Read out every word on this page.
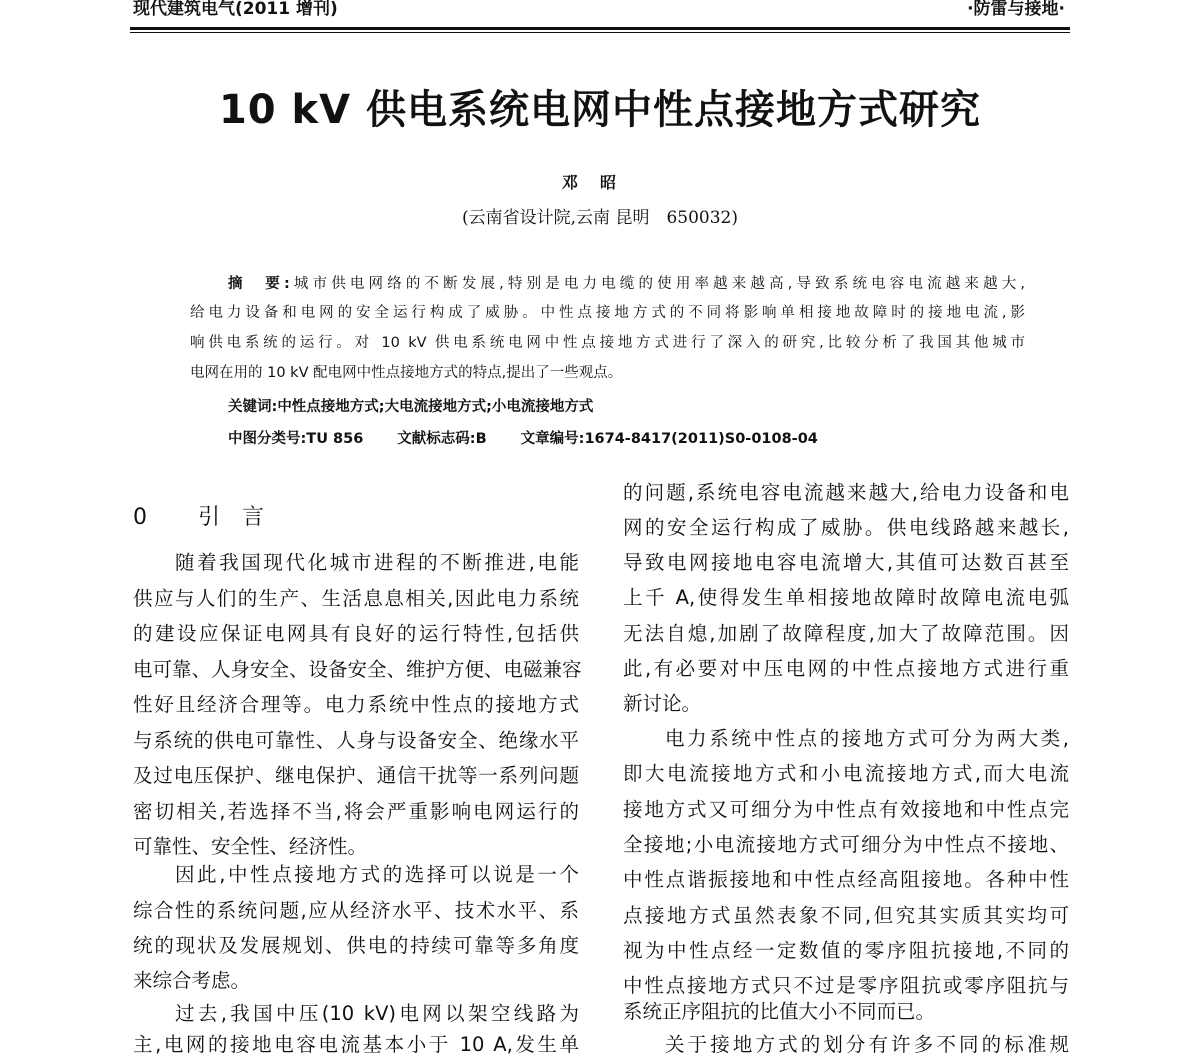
现代建筑电气(2011 增刊)	·防雷与接地·
10 kV 供电系统电网中性点接地方式研究
邓昭
(云南省设计院,云南 昆明　650032)
摘　要:城市供电网络的不断发展,特别是电力电缆的使用率越来越高,导致系统电容电流越来越大,
给电力设备和电网的安全运行构成了威胁。中性点接地方式的不同将影响单相接地故障时的接地电流,影
响供电系统的运行。对 10 kV 供电系统电网中性点接地方式进行了深入的研究,比较分析了我国其他城市
电网在用的 10 kV 配电网中性点接地方式的特点,提出了一些观点。
关键词:中性点接地方式;大电流接地方式;小电流接地方式
中图分类号:TU 856 文献标志码:B 文章编号:1674-8417(2011)S0-0108-04
0 引言
随着我国现代化城市进程的不断推进,电能
供应与人们的生产、生活息息相关,因此电力系统
的建设应保证电网具有良好的运行特性,包括供
电可靠、人身安全、设备安全、维护方便、电磁兼容
性好且经济合理等。电力系统中性点的接地方式
与系统的供电可靠性、人身与设备安全、绝缘水平
及过电压保护、继电保护、通信干扰等一系列问题
密切相关,若选择不当,将会严重影响电网运行的
可靠性、安全性、经济性。
因此,中性点接地方式的选择可以说是一个
综合性的系统问题,应从经济水平、技术水平、系
统的现状及发展规划、供电的持续可靠等多角度
来综合考虑。
过去,我国中压(10 kV)电网以架空线路为
主,电网的接地电容电流基本小于 10 A,发生单
的问题,系统电容电流越来越大,给电力设备和电
网的安全运行构成了威胁。供电线路越来越长,
导致电网接地电容电流增大,其值可达数百甚至
上千 A,使得发生单相接地故障时故障电流电弧
无法自熄,加剧了故障程度,加大了故障范围。因
此,有必要对中压电网的中性点接地方式进行重
新讨论。
电力系统中性点的接地方式可分为两大类,
即大电流接地方式和小电流接地方式,而大电流
接地方式又可细分为中性点有效接地和中性点完
全接地;小电流接地方式可细分为中性点不接地、
中性点谐振接地和中性点经高阻接地。各种中性
点接地方式虽然表象不同,但究其实质其实均可
视为中性点经一定数值的零序阻抗接地,不同的
中性点接地方式只不过是零序阻抗或零序阻抗与
系统正序阻抗的比值大小不同而已。
关于接地方式的划分有许多不同的标准规
